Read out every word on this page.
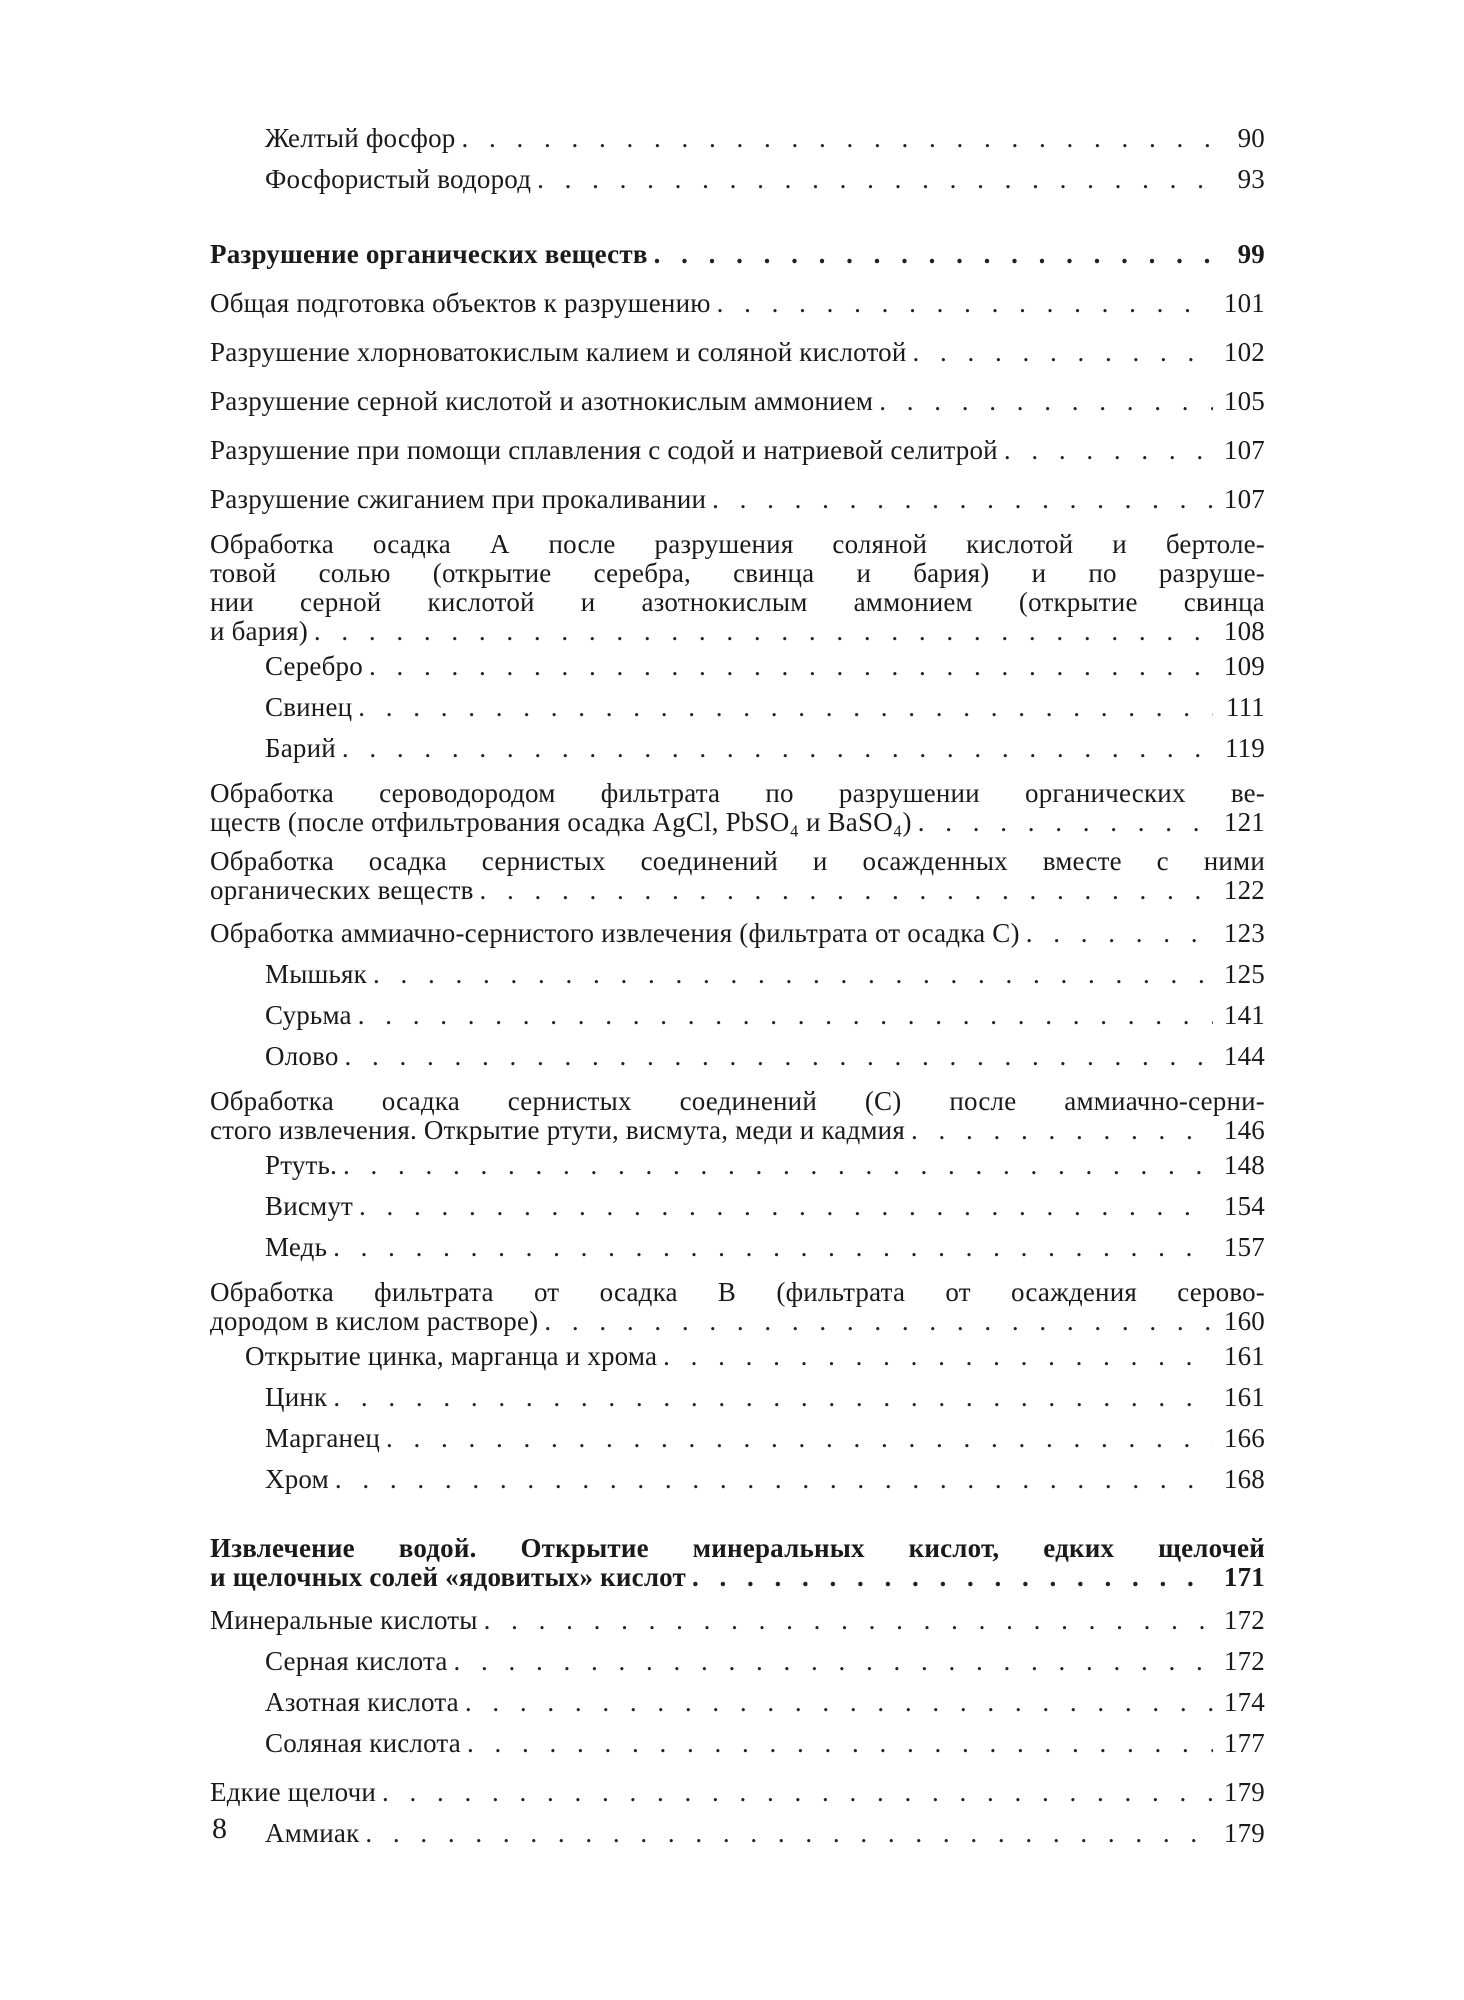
Желтый фосфор . . .	90
Фосфористый водород . . .	93
Разрушение органических веществ . . .	99
Общая подготовка объектов к разрушению . . .	101
Разрушение хлорноватокислым калием и соляной кислотой . . .	102
Разрушение серной кислотой и азотнокислым аммонием . . .	105
Разрушение при помощи сплавления с содой и натриевой селитрой . . .	107
Разрушение сжиганием при прокаливании . . .	107
Обработка осадка А после разрушения соляной кислотой и бертоле-
товой солью (открытие серебра, свинца и бария) и по разруше-
нии серной кислотой и азотнокислым аммонием (открытие свинца
и бария) . . .	108
Серебро . . .	109
Свинец . . .	111
Барий . . .	119
Обработка сероводородом фильтрата по разрушении органических ве-
ществ (после отфильтрования осадка AgCl, PbSO₄ и BaSO₄) . . .	121
Обработка осадка сернистых соединений и осажденных вместе с ними
органических веществ . . .	122
Обработка аммиачно-сернистого извлечения (фильтрата от осадка С) . . .	123
Мышьяк . . .	125
Сурьма . . .	141
Олово . . .	144
Обработка осадка сернистых соединений (С) после аммиачно-серни-
стого извлечения. Открытие ртути, висмута, меди и кадмия . . .	146
Ртуть. . . .	148
Висмут . . .	154
Медь . . .	157
Обработка фильтрата от осадка В (фильтрата от осаждения серово-
дородом в кислом растворе) . . .	160
Открытие цинка, марганца и хрома . . .	161
Цинк . . .	161
Марганец . . .	166
Хром . . .	168
Извлечение водой. Открытие минеральных кислот, едких щелочей
и щелочных солей «ядовитых» кислот . . .	171
Минеральные кислоты . . .	172
Серная кислота . . .	172
Азотная кислота . . .	174
Соляная кислота . . .	177
Едкие щелочи . . .	179
Аммиак . . .	179
8
